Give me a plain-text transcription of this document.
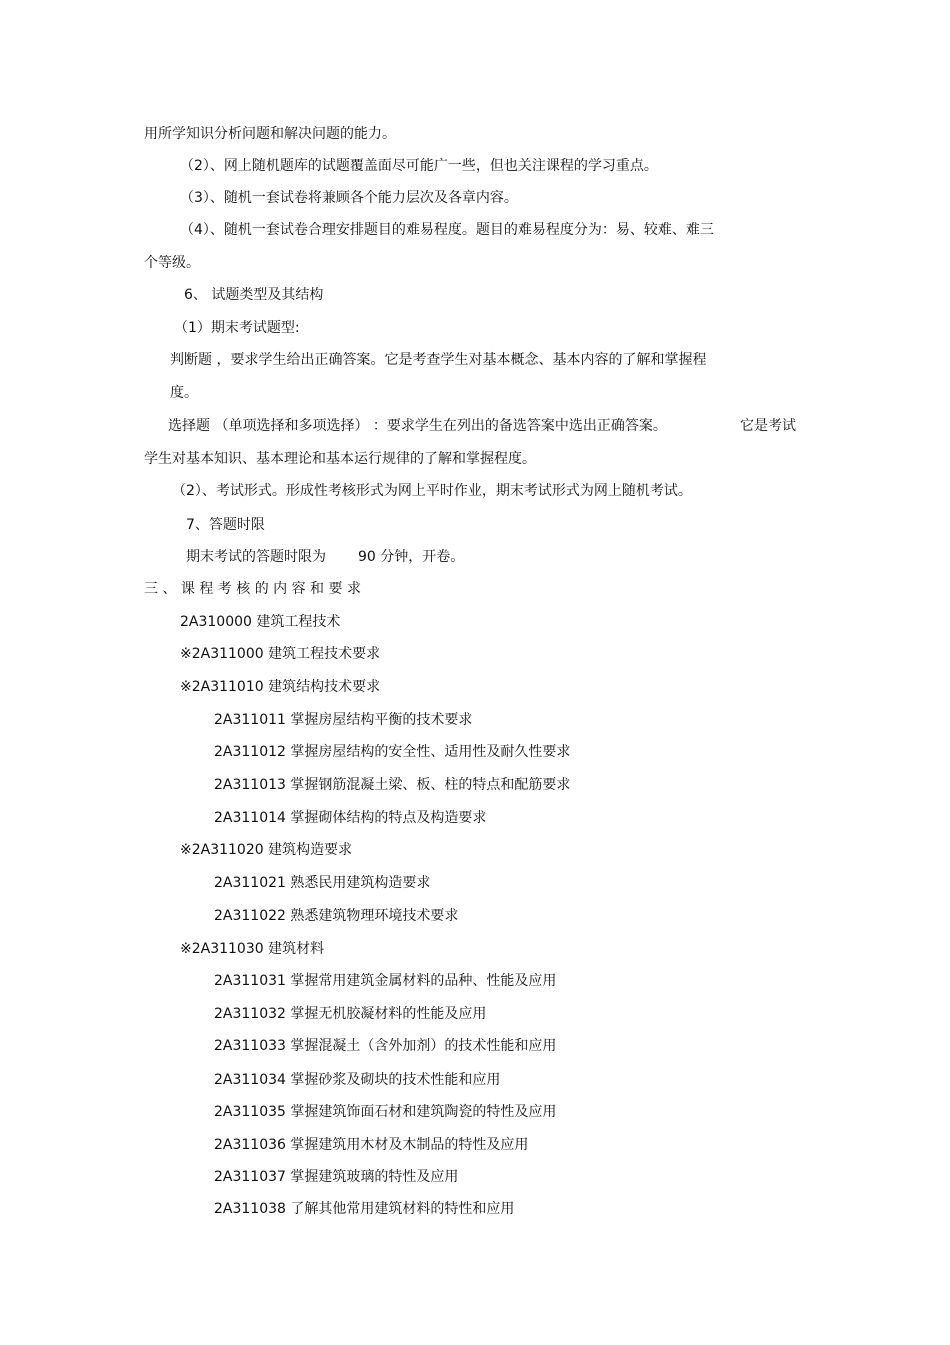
用所学知识分析问题和解决问题的能力。
（2）、网上随机题库的试题覆盖面尽可能广一些，但也关注课程的学习重点。
（3）、随机一套试卷将兼顾各个能力层次及各章内容。
（4）、随机一套试卷合理安排题目的难易程度。题目的难易程度分为：易、较难、难三
个等级。
6、 试题类型及其结构
（1）期末考试题型:
判断题 ，要求学生给出正确答案。它是考查学生对基本概念、基本内容的了解和掌握程
度。
选择题 （单项选择和多项选择） ：要求学生在列出的备选答案中选出正确答案。	它是考试
学生对基本知识、基本理论和基本运行规律的了解和掌握程度。
（2）、考试形式。形成性考核形式为网上平时作业，期末考试形式为网上随机考试。
7、答题时限
期末考试的答题时限为 90 分钟，开卷。
三 、 课 程 考 核 的 内 容 和 要 求
2A310000 建筑工程技术
※2A311000 建筑工程技术要求
※2A311010 建筑结构技术要求
2A311011 掌握房屋结构平衡的技术要求
2A311012 掌握房屋结构的安全性、适用性及耐久性要求
2A311013 掌握钢筋混凝土梁、板、柱的特点和配筋要求
2A311014 掌握砌体结构的特点及构造要求
※2A311020 建筑构造要求
2A311021 熟悉民用建筑构造要求
2A311022 熟悉建筑物理环境技术要求
※2A311030 建筑材料
2A311031 掌握常用建筑金属材料的品种、性能及应用
2A311032 掌握无机胶凝材料的性能及应用
2A311033 掌握混凝土（含外加剂）的技术性能和应用
2A311034 掌握砂浆及砌块的技术性能和应用
2A311035 掌握建筑饰面石材和建筑陶瓷的特性及应用
2A311036 掌握建筑用木材及木制品的特性及应用
2A311037 掌握建筑玻璃的特性及应用
2A311038 了解其他常用建筑材料的特性和应用
